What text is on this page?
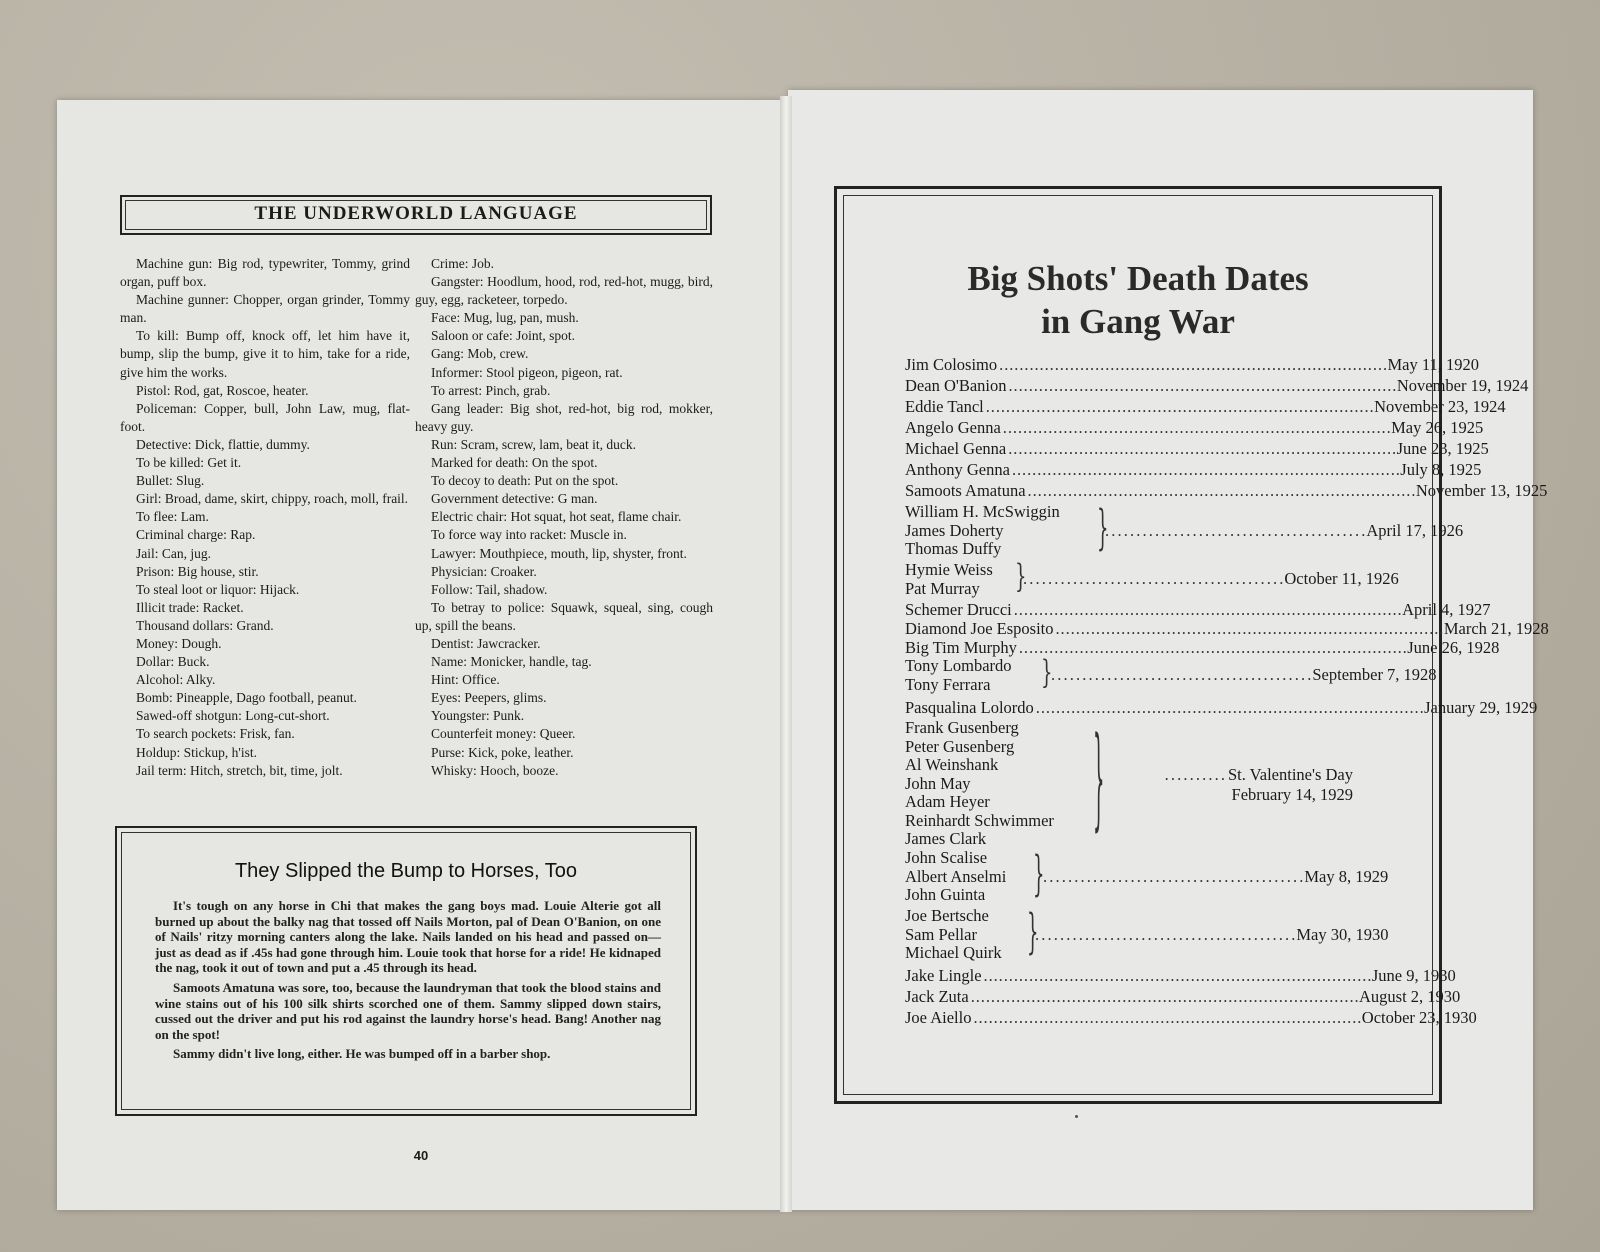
THE UNDERWORLD LANGUAGE

Machine gun: Big rod, typewriter, Tommy, grind organ, puff box.

Machine gunner: Chopper, organ grinder, Tommy man.

To kill: Bump off, knock off, let him have it, bump, slip the bump, give it to him, take for a ride, give him the works.

Pistol: Rod, gat, Roscoe, heater.

Policeman: Copper, bull, John Law, mug, flat-foot.

Detective: Dick, flattie, dummy.

To be killed: Get it.

Bullet: Slug.

Girl: Broad, dame, skirt, chippy, roach, moll, frail.

To flee: Lam.

Criminal charge: Rap.

Jail: Can, jug.

Prison: Big house, stir.

To steal loot or liquor: Hijack.

Illicit trade: Racket.

Thousand dollars: Grand.

Money: Dough.

Dollar: Buck.

Alcohol: Alky.

Bomb: Pineapple, Dago football, peanut.

Sawed-off shotgun: Long-cut-short.

To search pockets: Frisk, fan.

Holdup: Stickup, h'ist.

Jail term: Hitch, stretch, bit, time, jolt.

Crime: Job.

Gangster: Hoodlum, hood, rod, red-hot, mugg, bird, guy, egg, racketeer, torpedo.

Face: Mug, lug, pan, mush.

Saloon or cafe: Joint, spot.

Gang: Mob, crew.

Informer: Stool pigeon, pigeon, rat.

To arrest: Pinch, grab.

Gang leader: Big shot, red-hot, big rod, mokker, heavy guy.

Run: Scram, screw, lam, beat it, duck.

Marked for death: On the spot.

To decoy to death: Put on the spot.

Government detective: G man.

Electric chair: Hot squat, hot seat, flame chair.

To force way into racket: Muscle in.

Lawyer: Mouthpiece, mouth, lip, shyster, front.

Physician: Croaker.

Follow: Tail, shadow.

To betray to police: Squawk, squeal, sing, cough up, spill the beans.

Dentist: Jawcracker.

Name: Monicker, handle, tag.

Hint: Office.

Eyes: Peepers, glims.

Youngster: Punk.

Counterfeit money: Queer.

Purse: Kick, poke, leather.

Whisky: Hooch, booze.

They Slipped the Bump to Horses, Too

It's tough on any horse in Chi that makes the gang boys mad. Louie Alterie got all burned up about the balky nag that tossed off Nails Morton, pal of Dean O'Banion, on one of Nails' ritzy morning canters along the lake. Nails landed on his head and passed on—just as dead as if .45s had gone through him. Louie took that horse for a ride! He kidnaped the nag, took it out of town and put a .45 through its head.

Samoots Amatuna was sore, too, because the laundryman that took the blood stains and wine stains out of his 100 silk shirts scorched one of them. Sammy slipped down stairs, cussed out the driver and put his rod against the laundry horse's head. Bang! Another nag on the spot!

Sammy didn't live long, either. He was bumped off in a barber shop.

40
Big Shots' Death Dates
in Gang War
Jim Colosimo . . .	May 11, 1920
Dean O'Banion . . .	November 19, 1924
Eddie Tancl . . .	November 23, 1924
Angelo Genna . . .	May 26, 1925
Michael Genna . . .	June 23, 1925
Anthony Genna . . .	July 8, 1925
Samoots Amatuna . . .	November 13, 1925
William H. McSwiggin
James Doherty
Thomas Duffy	}
. . . . . . . . . . . . . . . . . . . . . . . . . . . . . . . . . . . . . . . . . . April 17, 1926
Hymie Weiss
Pat Murray	}
. . . . . . . . . . . . . . . . . . . . . . . . . . . . . . . . . . . . . . . . . . October 11, 1926
Schemer Drucci . . .	April 4, 1927
Diamond Joe Esposito . . .	March 21, 1928
Big Tim Murphy . . .	June 26, 1928
Tony Lombardo
Tony Ferrara	}
. . . . . . . . . . . . . . . . . . . . . . . . . . . . . . . . . . . . . . . . . . September 7, 1928
Pasqualina Lolordo . . .	January 29, 1929
Frank Gusenberg
Peter Gusenberg
Al Weinshank
John May
Adam Heyer
Reinhardt Schwimmer
James Clark	}	. . . . . . . . . . St. Valentine's Day
February 14, 1929
John Scalise
Albert Anselmi
John Guinta	}
. . . . . . . . . . . . . . . . . . . . . . . . . . . . . . . . . . . . . . . . . . May 8, 1929
Joe Bertsche
Sam Pellar
Michael Quirk	}
. . . . . . . . . . . . . . . . . . . . . . . . . . . . . . . . . . . . . . . . . . May 30, 1930
Jake Lingle . . .	June 9, 1930
Jack Zuta . . .	August 2, 1930
Joe Aiello . . .	October 23, 1930
